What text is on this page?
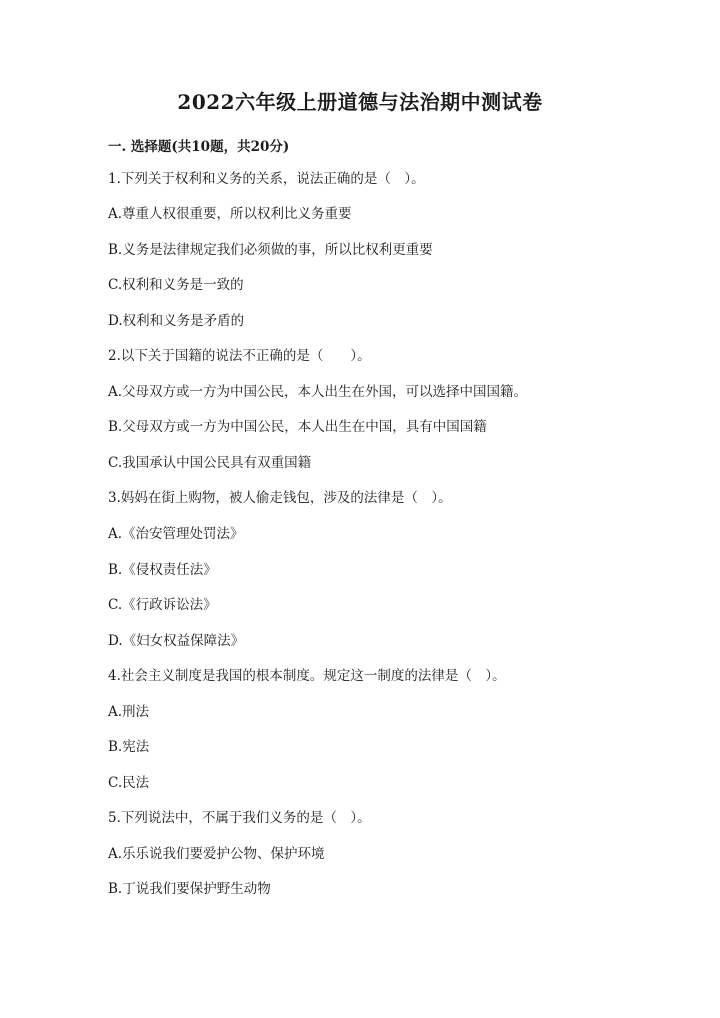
2022六年级上册道德与法治期中测试卷
一. 选择题(共10题，共20分)
1.下列关于权利和义务的关系，说法正确的是（　）。
A.尊重人权很重要，所以权利比义务重要
B.义务是法律规定我们必须做的事，所以比权利更重要
C.权利和义务是一致的
D.权利和义务是矛盾的
2.以下关于国籍的说法不正确的是（　　）。
A.父母双方或一方为中国公民，本人出生在外国，可以选择中国国籍。
B.父母双方或一方为中国公民，本人出生在中国，具有中国国籍
C.我国承认中国公民具有双重国籍
3.妈妈在街上购物，被人偷走钱包，涉及的法律是（　）。
A.《治安管理处罚法》
B.《侵权责任法》
C.《行政诉讼法》
D.《妇女权益保障法》
4.社会主义制度是我国的根本制度。规定这一制度的法律是（　）。
A.刑法
B.宪法
C.民法
5.下列说法中，不属于我们义务的是（　）。
A.乐乐说我们要爱护公物、保护环境
B.丁说我们要保护野生动物
